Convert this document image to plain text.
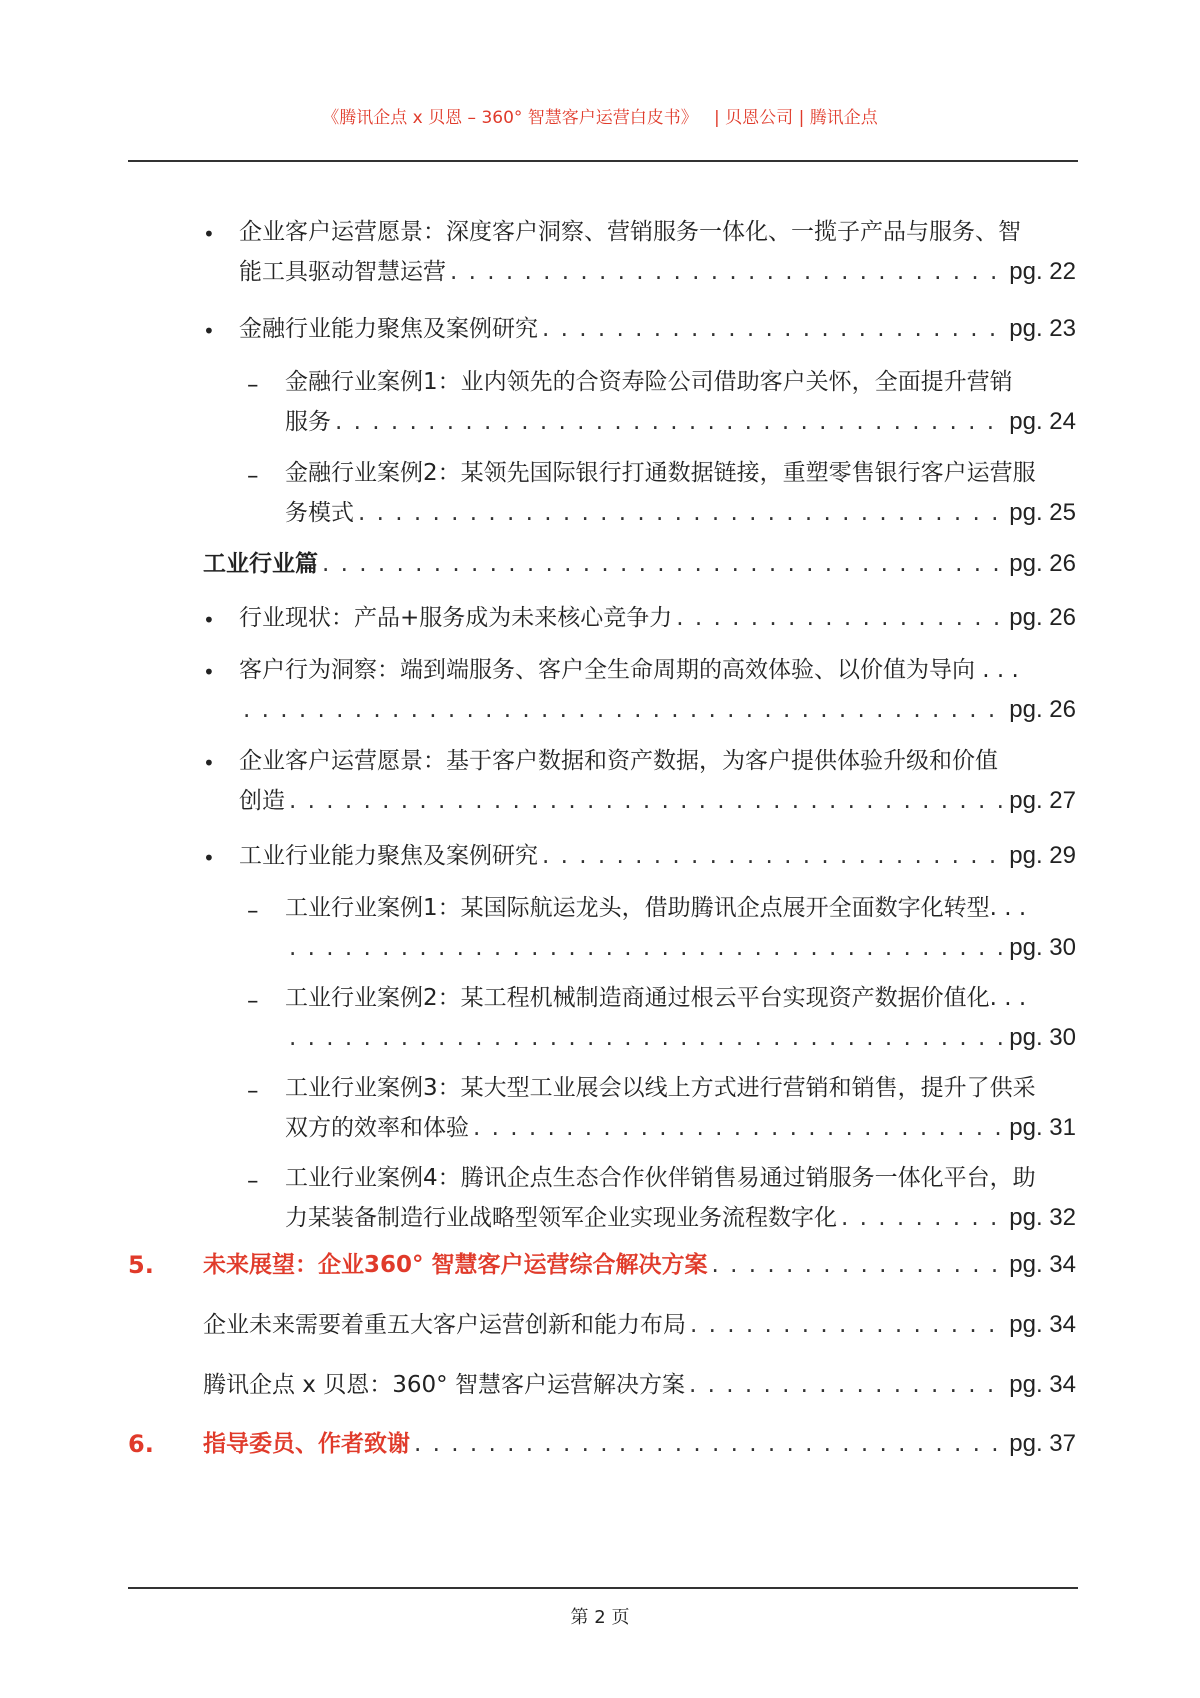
《腾讯企点 x 贝恩 – 360° 智慧客户运营白皮书》 | 贝恩公司 | 腾讯企点
• 企业客户运营愿景：深度客户洞察、营销服务一体化、一揽子产品与服务、智
能工具驱动智慧运营 . . .	pg. 22
• 金融行业能力聚焦及案例研究 . . .	pg. 23
– 金融行业案例1：业内领先的合资寿险公司借助客户关怀，全面提升营销
服务 . . .	pg. 24
– 金融行业案例2：某领先国际银行打通数据链接，重塑零售银行客户运营服
务模式 . . .	pg. 25
工业行业篇 . . .	pg. 26
• 行业现状：产品+服务成为未来核心竞争力 . . .	pg. 26
• 客户行为洞察：端到端服务、客户全生命周期的高效体验、以价值为导向 . . .
. . .
pg. 26
• 企业客户运营愿景：基于客户数据和资产数据，为客户提供体验升级和价值
创造 . . .	pg. 27
• 工业行业能力聚焦及案例研究 . . .	pg. 29
– 工业行业案例1：某国际航运龙头，借助腾讯企点展开全面数字化转型. . .
. . .
pg. 30
– 工业行业案例2：某工程机械制造商通过根云平台实现资产数据价值化. . .
. . .
pg. 30
– 工业行业案例3：某大型工业展会以线上方式进行营销和销售，提升了供采
双方的效率和体验 . . .	pg. 31
– 工业行业案例4：腾讯企点生态合作伙伴销售易通过销服务一体化平台，助
力某装备制造行业战略型领军企业实现业务流程数字化 . . .	pg. 32
5. 未来展望：企业360° 智慧客户运营综合解决方案 . . .	pg. 34
企业未来需要着重五大客户运营创新和能力布局 . . .	pg. 34
腾讯企点 x 贝恩：360° 智慧客户运营解决方案 . . .	pg. 34
6. 指导委员、作者致谢 . . .	pg. 37
第 2 页
